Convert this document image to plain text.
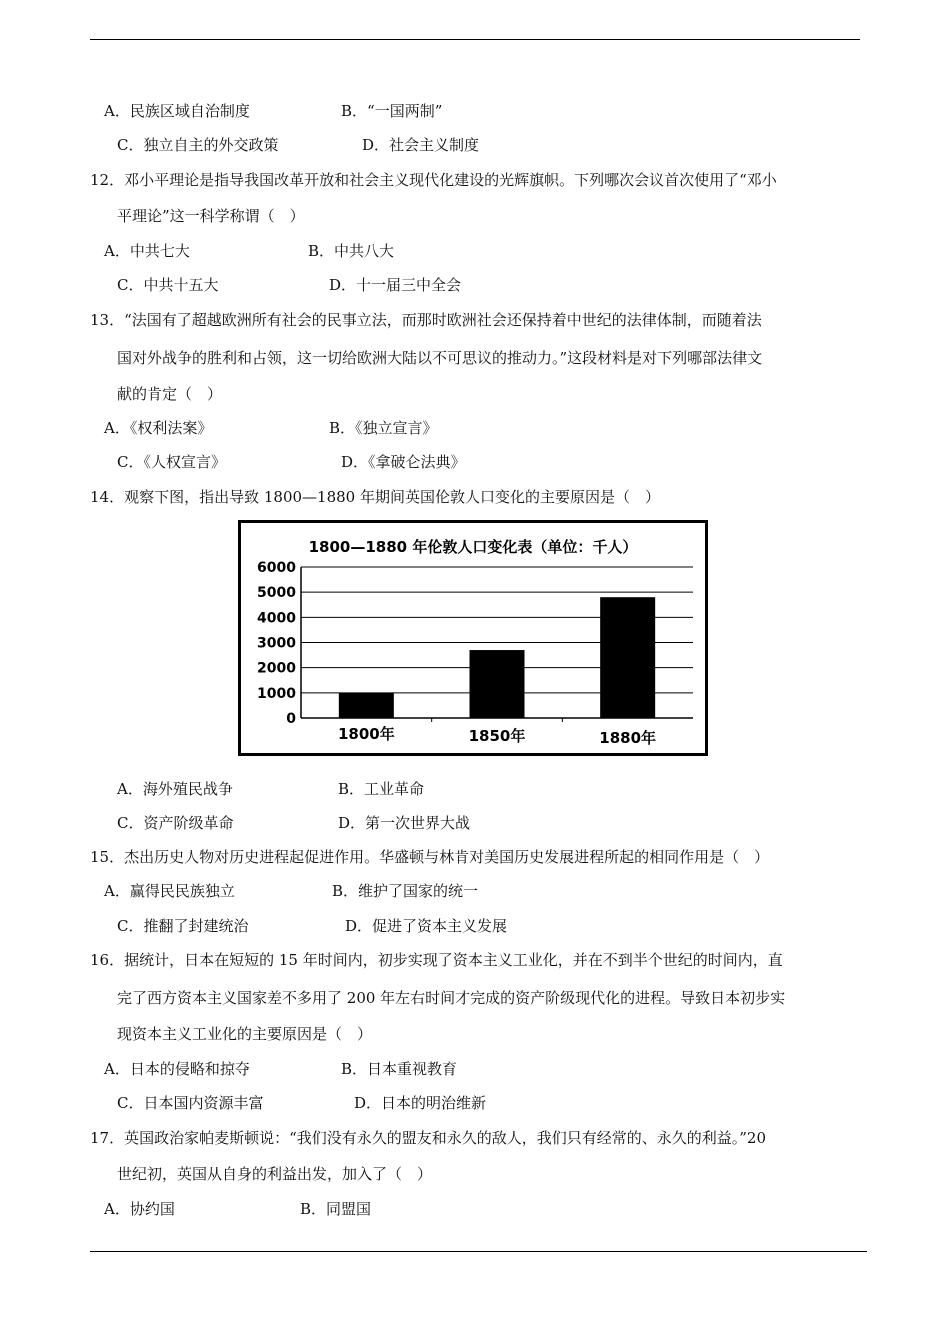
A．民族区域自治制度	B．“一国两制”
C．独立自主的外交政策	D．社会主义制度
12．邓小平理论是指导我国改革开放和社会主义现代化建设的光辉旗帜。下列哪次会议首次使用了“邓小
平理论”这一科学称谓（　）
A．中共七大	B．中共八大
C．中共十五大	D．十一届三中全会
13．“法国有了超越欧洲所有社会的民事立法，而那时欧洲社会还保持着中世纪的法律体制，而随着法
国对外战争的胜利和占领，这一切给欧洲大陆以不可思议的推动力。”这段材料是对下列哪部法律文
献的肯定（　）
A．《权利法案》	B．《独立宣言》
C．《人权宣言》	D．《拿破仑法典》
14．观察下图，指出导致 1800—1880 年期间英国伦敦人口变化的主要原因是（　）
1800—1880 年伦敦人口变化表（单位：千人）
0
1000
2000
3000
4000
5000
6000
1800年	1850年	1880年
A．海外殖民战争	B．工业革命
C．资产阶级革命	D．第一次世界大战
15．杰出历史人物对历史进程起促进作用。华盛顿与林肯对美国历史发展进程所起的相同作用是（　）
A．赢得民民族独立	B．维护了国家的统一
C．推翻了封建统治	D．促进了资本主义发展
16．据统计，日本在短短的 15 年时间内，初步实现了资本主义工业化，并在不到半个世纪的时间内，直
完了西方资本主义国家差不多用了 200 年左右时间才完成的资产阶级现代化的进程。导致日本初步实
现资本主义工业化的主要原因是（　）
A．日本的侵略和掠夺	B．日本重视教育
C．日本国内资源丰富	D．日本的明治维新
17．英国政治家帕麦斯顿说：“我们没有永久的盟友和永久的敌人，我们只有经常的、永久的利益。”20
世纪初，英国从自身的利益出发，加入了（　）
A．协约国	B．同盟国
